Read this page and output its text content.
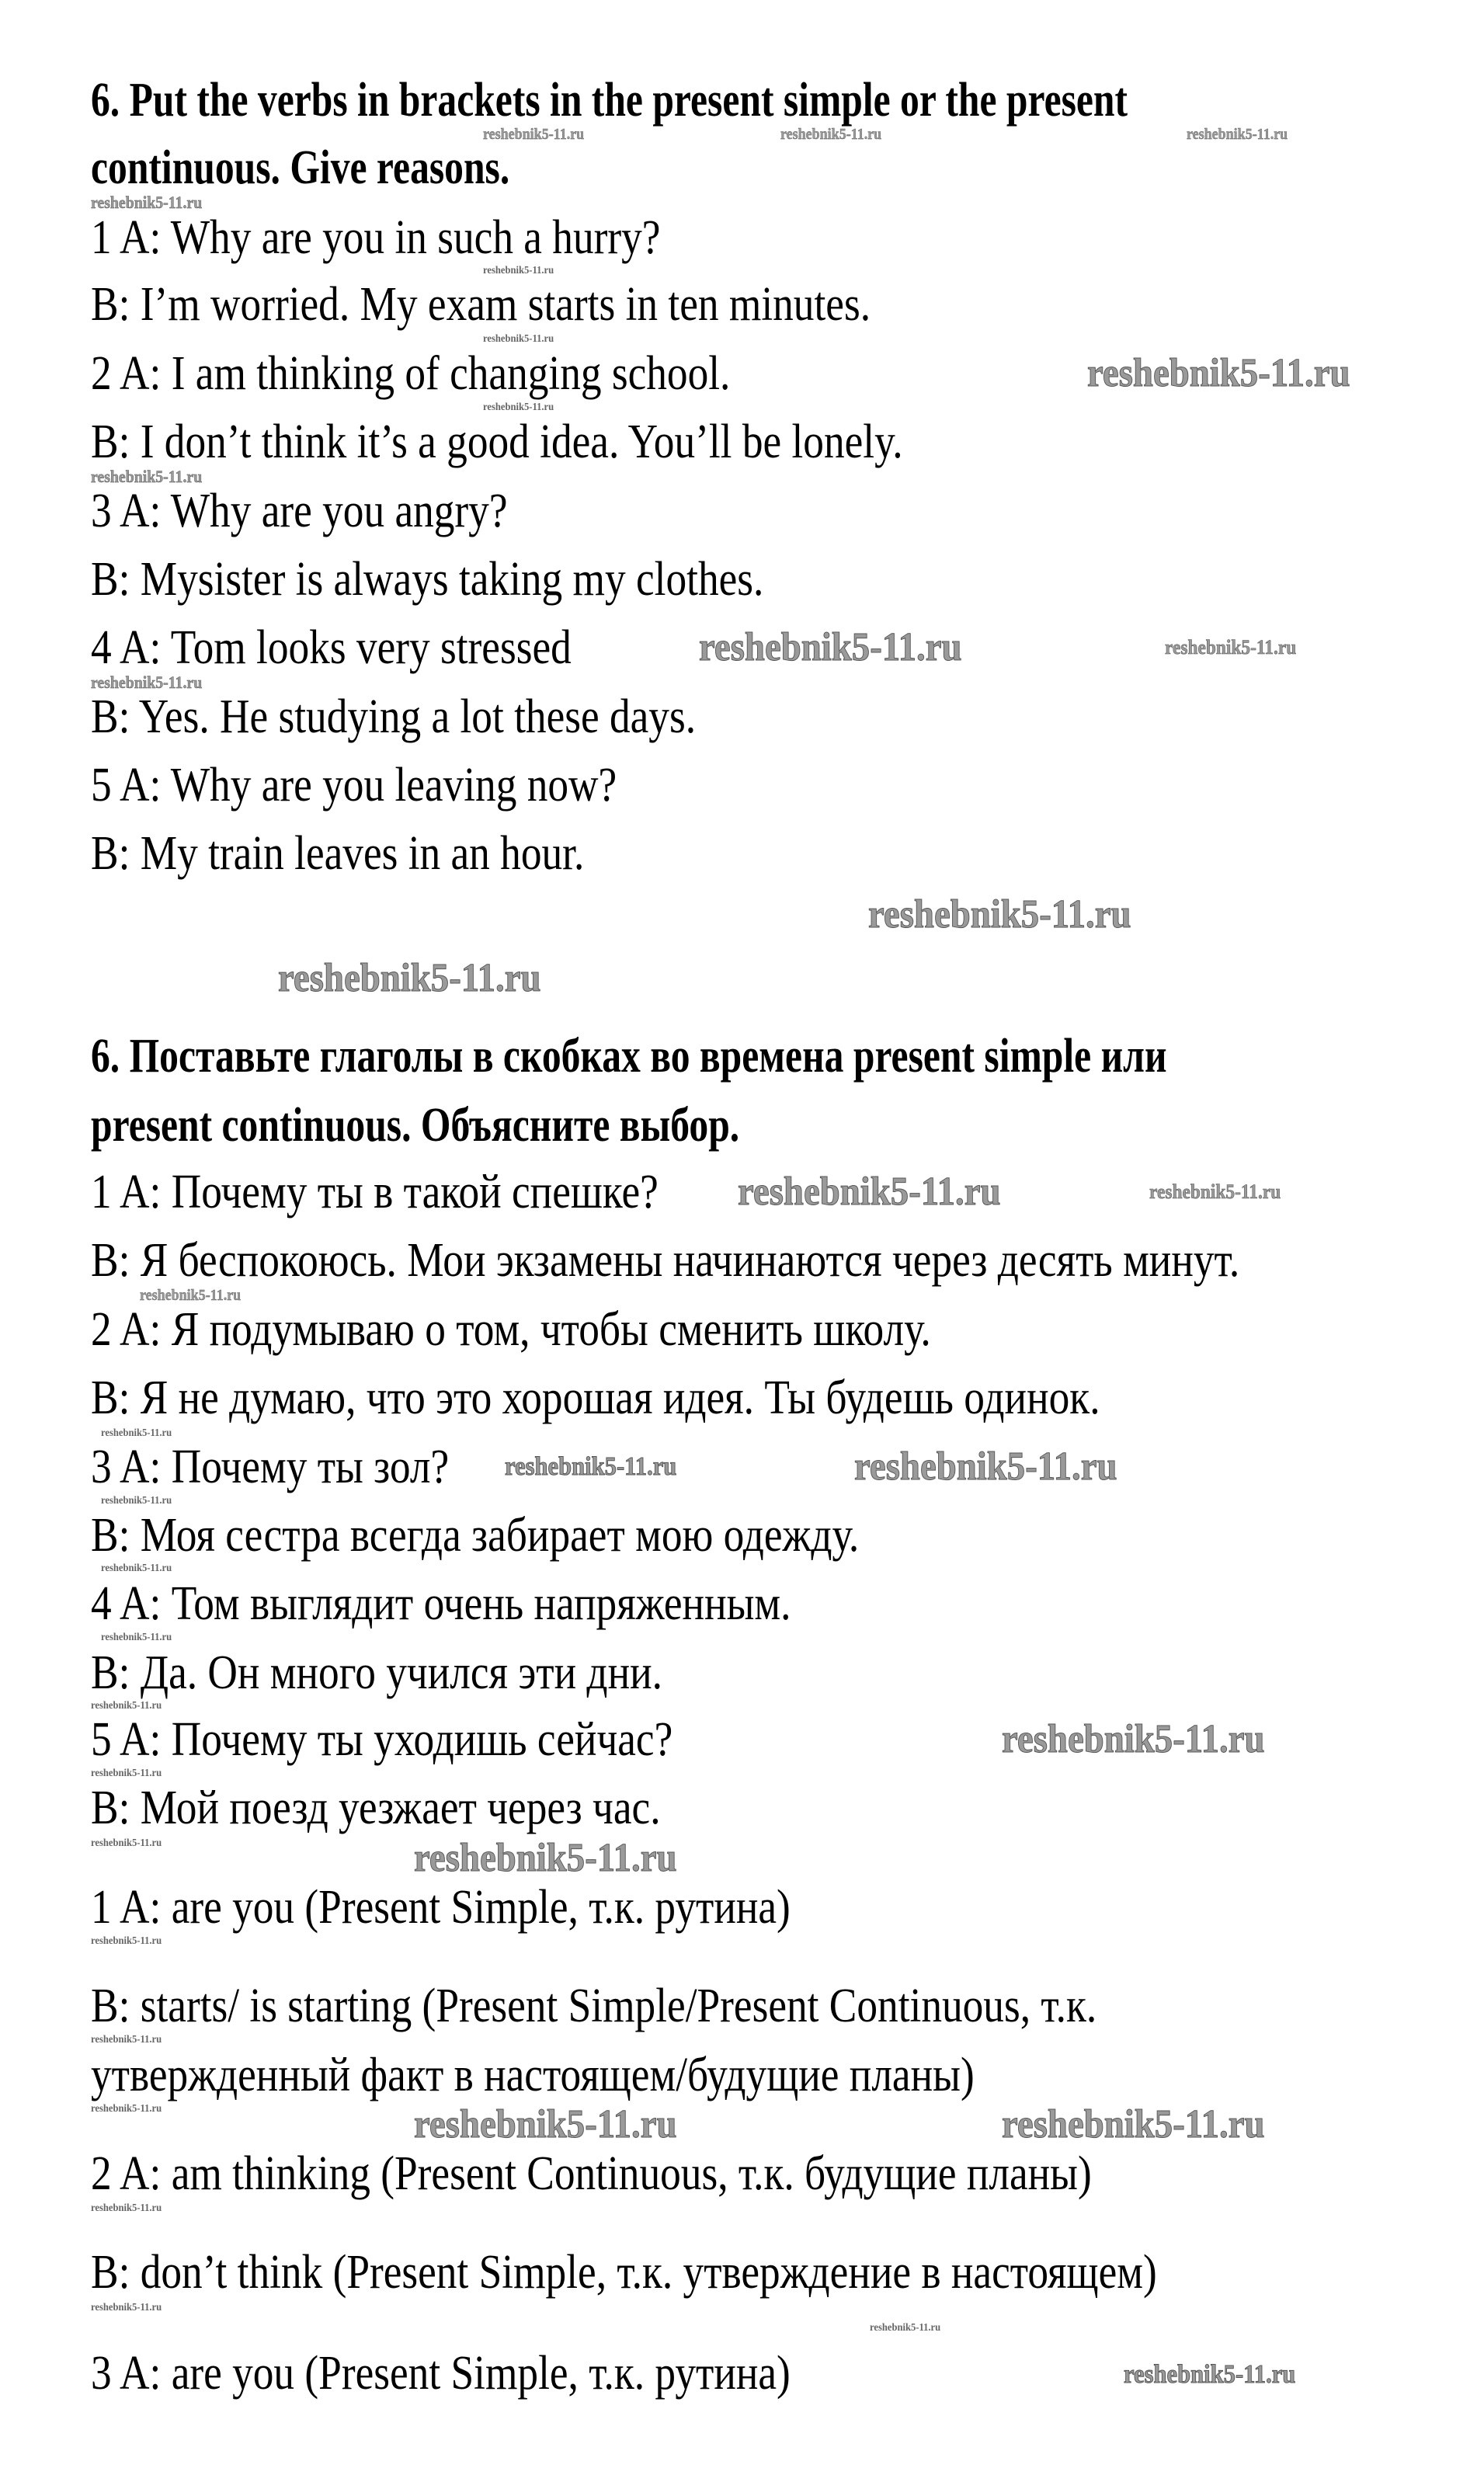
6. Put the verbs in brackets in the present simple or the present
continuous. Give reasons.
1 A: Why are you in such a hurry?
B: I’m worried. My exam starts in ten minutes.
2 A: I am thinking of changing school.
B: I don’t think it’s a good idea. You’ll be lonely.
3 A: Why are you angry?
B: Mysister is always taking my clothes.
4 A: Tom looks very stressed
B: Yes. He studying a lot these days.
5 A: Why are you leaving now?
B: My train leaves in an hour.
6. Поставьте глаголы в скобках во времена present simple или
present continuous. Объясните выбор.
1 A: Почему ты в такой спешке?
B: Я беспокоюсь. Мои экзамены начинаются через десять минут.
2 A: Я подумываю о том, чтобы сменить школу.
B: Я не думаю, что это хорошая идея. Ты будешь одинок.
3 A: Почему ты зол?
B: Моя сестра всегда забирает мою одежду.
4 A: Том выглядит очень напряженным.
B: Да. Он много учился эти дни.
5 A: Почему ты уходишь сейчас?
B: Мой поезд уезжает через час.
1 A: are you (Present Simple, т.к. рутина)
B: starts/ is starting (Present Simple/Present Continuous, т.к.
утвержденный факт в настоящем/будущие планы)
2 A: am thinking (Present Continuous, т.к. будущие планы)
B: don’t think (Present Simple, т.к. утверждение в настоящем)
3 A: are you (Present Simple, т.к. рутина)
reshebnik5-11.ru	reshebnik5-11.ru	reshebnik5-11.ru
reshebnik5-11.ru
reshebnik5-11.ru
reshebnik5-11.ru
reshebnik5-11.ru
reshebnik5-11.ru
reshebnik5-11.ru
reshebnik5-11.ru	reshebnik5-11.ru
reshebnik5-11.ru
reshebnik5-11.ru
reshebnik5-11.ru
reshebnik5-11.ru
reshebnik5-11.ru
reshebnik5-11.ru
reshebnik5-11.ru
reshebnik5-11.ru
reshebnik5-11.ru	reshebnik5-11.ru
reshebnik5-11.ru
reshebnik5-11.ru
reshebnik5-11.ru
reshebnik5-11.ru
reshebnik5-11.ru
reshebnik5-11.ru	reshebnik5-11.ru
reshebnik5-11.ru
reshebnik5-11.ru
reshebnik5-11.ru	reshebnik5-11.ru	reshebnik5-11.ru
reshebnik5-11.ru
reshebnik5-11.ru
reshebnik5-11.ru
reshebnik5-11.ru
